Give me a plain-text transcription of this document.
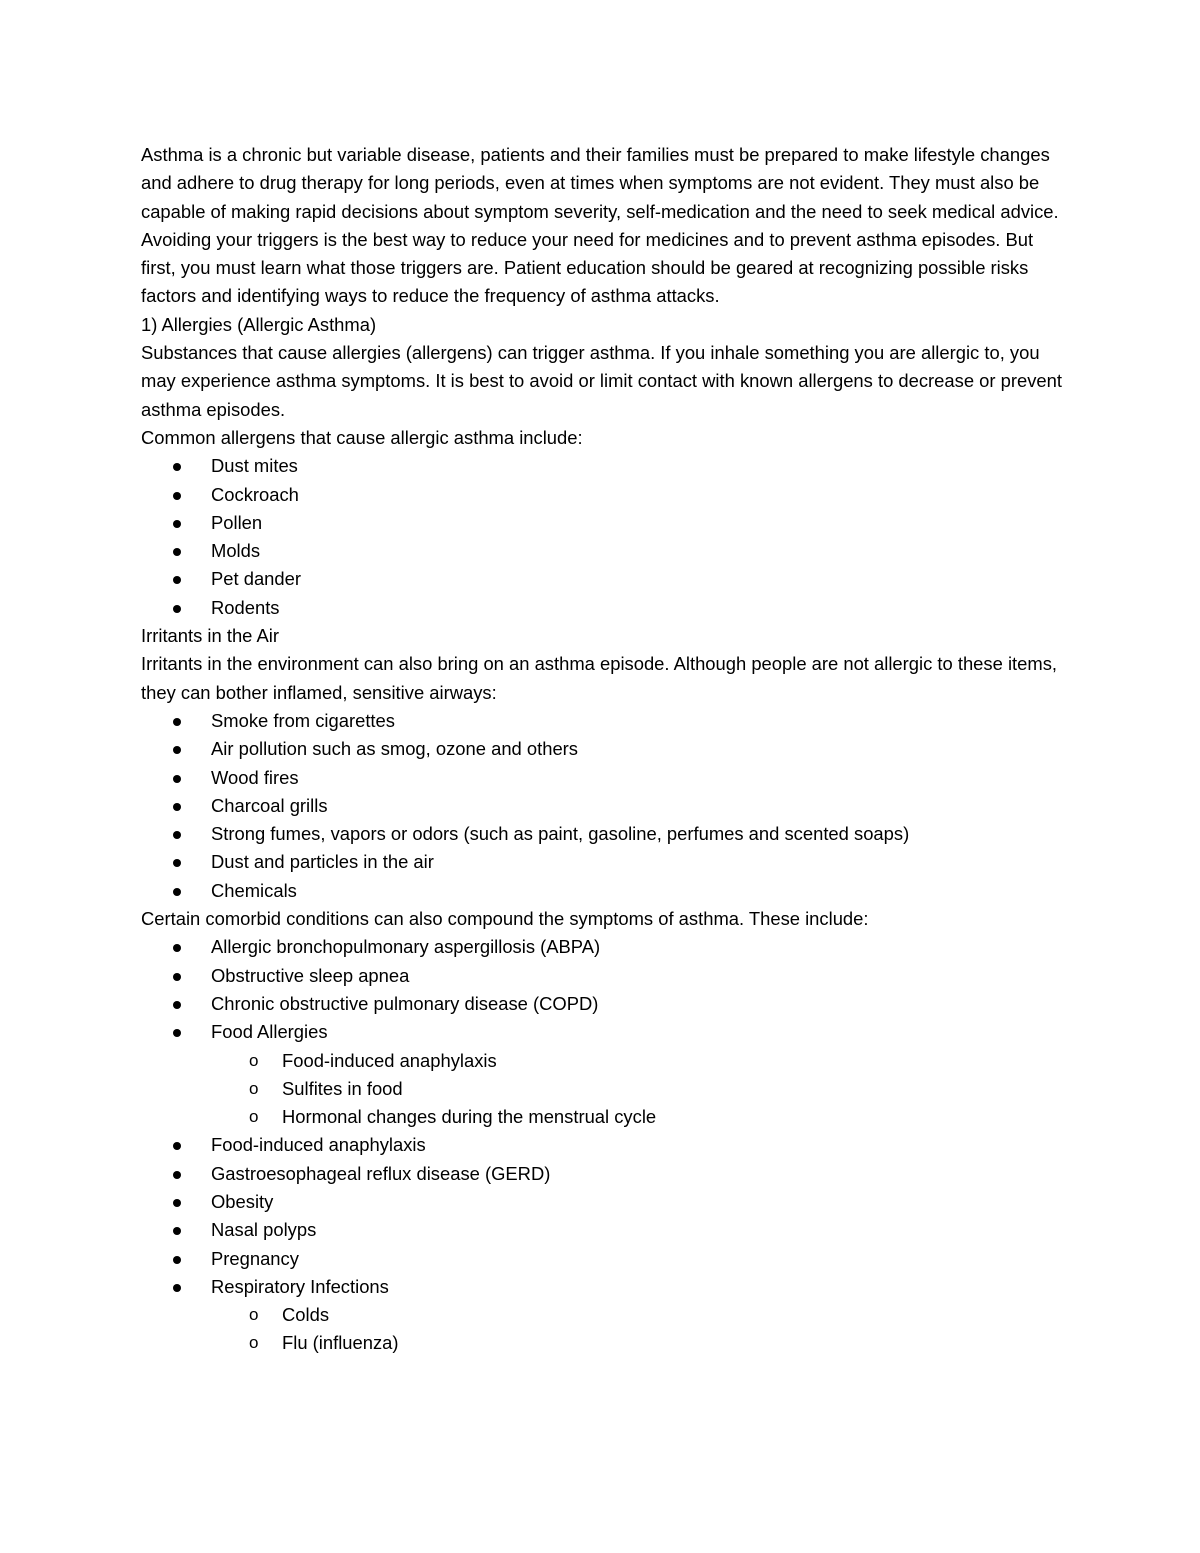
Asthma is a chronic but variable disease, patients and their families must be prepared to make lifestyle changes and adhere to drug therapy for long periods, even at times when symptoms are not evident. They must also be capable of making rapid decisions about symptom severity, self-medication and the need to seek medical advice.

Avoiding your triggers is the best way to reduce your need for medicines and to prevent asthma episodes. But first, you must learn what those triggers are. Patient education should be geared at recognizing possible risks factors and identifying ways to reduce the frequency of asthma attacks.

1) Allergies (Allergic Asthma)

Substances that cause allergies (allergens) can trigger asthma. If you inhale something you are allergic to, you may experience asthma symptoms. It is best to avoid or limit contact with known allergens to decrease or prevent asthma episodes.

Common allergens that cause allergic asthma include:

Dust mites
Cockroach
Pollen
Molds
Pet dander
Rodents

Irritants in the Air

Irritants in the environment can also bring on an asthma episode. Although people are not allergic to these items, they can bother inflamed, sensitive airways:

Smoke from cigarettes
Air pollution such as smog, ozone and others
Wood fires
Charcoal grills
Strong fumes, vapors or odors (such as paint, gasoline, perfumes and scented soaps)
Dust and particles in the air
Chemicals

Certain comorbid conditions can also compound the symptoms of asthma. These include:

Allergic bronchopulmonary aspergillosis (ABPA)
Obstructive sleep apnea
Chronic obstructive pulmonary disease (COPD)
Food Allergies
o Food-induced anaphylaxis
o Sulfites in food
o Hormonal changes during the menstrual cycle
Food-induced anaphylaxis
Gastroesophageal reflux disease (GERD)
Obesity
Nasal polyps
Pregnancy
Respiratory Infections
o Colds
o Flu (influenza)
